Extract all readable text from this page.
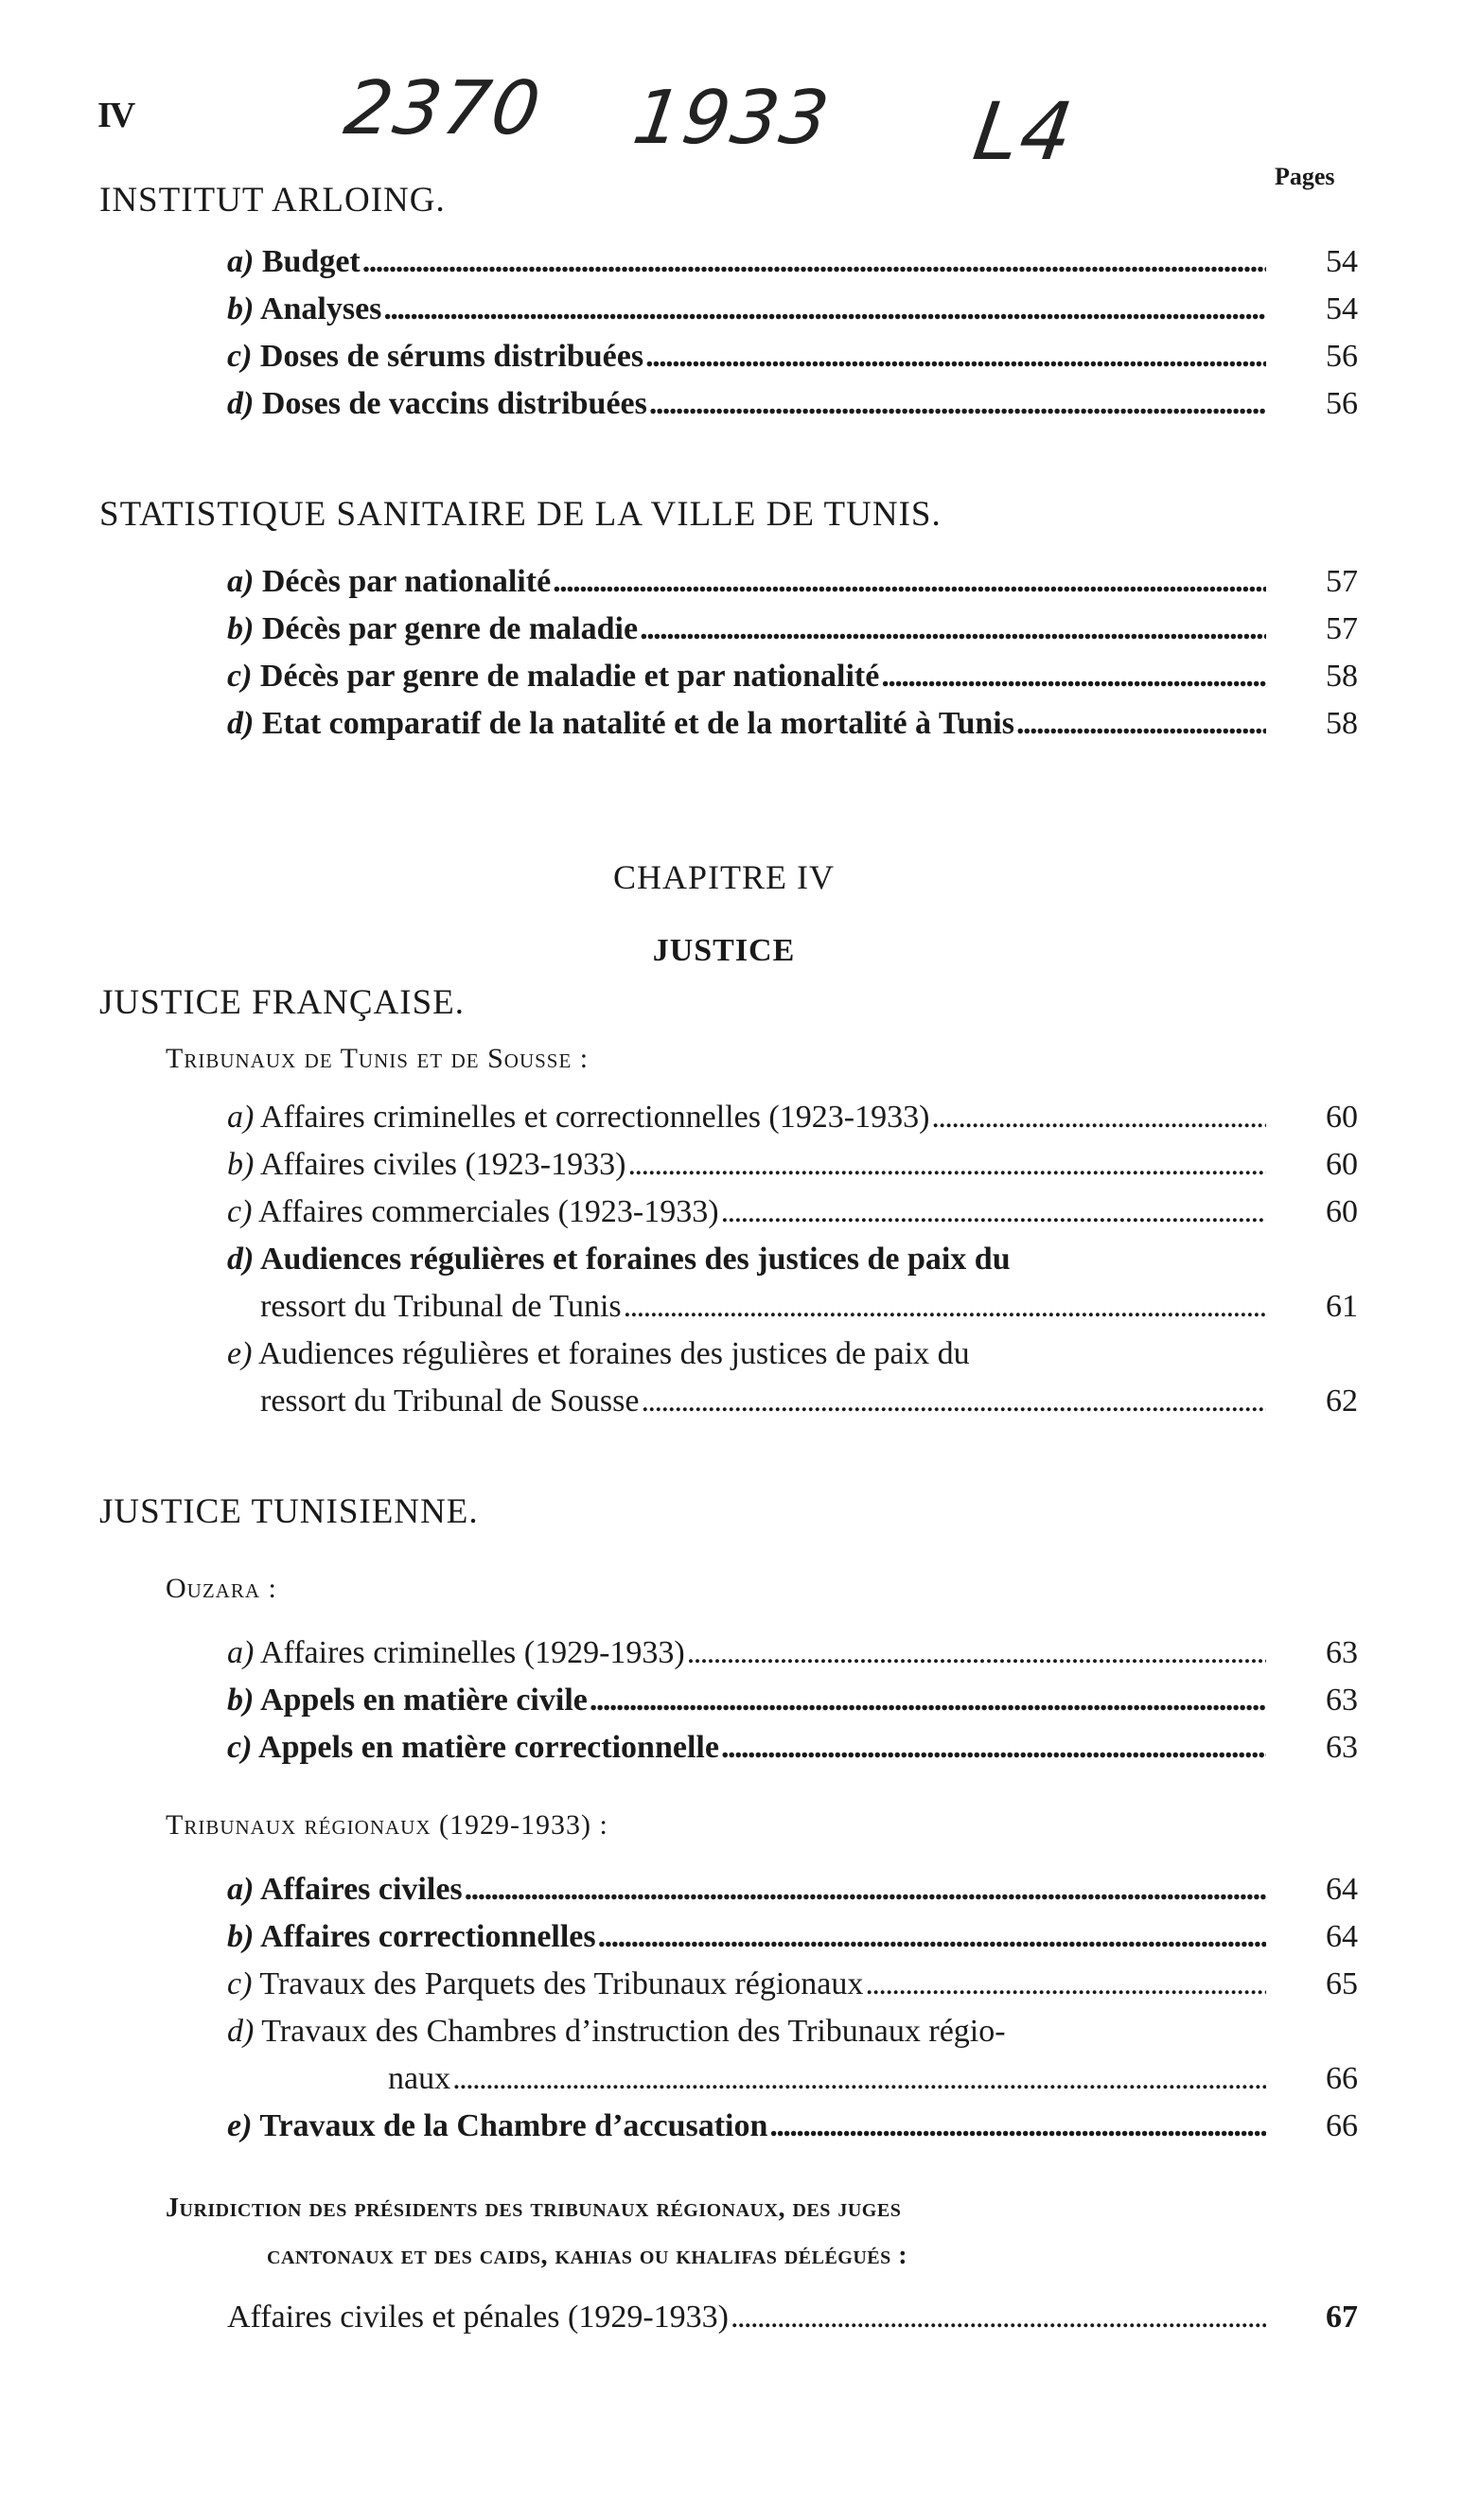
IV	2370 1933 L4	Pages
INSTITUT ARLOING.
a) Budget . . .	54
b) Analyses . . .	54
c) Doses de sérums distribuées . . .	56
d) Doses de vaccins distribuées . . .	56
STATISTIQUE SANITAIRE DE LA VILLE DE TUNIS.
a) Décès par nationalité . . .	57
b) Décès par genre de maladie . . .	57
c) Décès par genre de maladie et par nationalité . . .	58
d) Etat comparatif de la natalité et de la mortalité à Tunis . . .	58
CHAPITRE IV
JUSTICE
JUSTICE FRANÇAISE.
Tribunaux de Tunis et de Sousse :
a) Affaires criminelles et correctionnelles (1923-1933) . . .	60
b) Affaires civiles (1923-1933) . . .	60
c) Affaires commerciales (1923-1933) . . .	60
d) Audiences régulières et foraines des justices de paix du
ressort du Tribunal de Tunis . . .	61
e) Audiences régulières et foraines des justices de paix du
ressort du Tribunal de Sousse . . .	62
JUSTICE TUNISIENNE.
Ouzara :
a) Affaires criminelles (1929-1933) . . .	63
b) Appels en matière civile . . .	63
c) Appels en matière correctionnelle . . .	63
Tribunaux régionaux (1929-1933) :
a) Affaires civiles . . .	64
b) Affaires correctionnelles . . .	64
c) Travaux des Parquets des Tribunaux régionaux . . .	65
d) Travaux des Chambres d’instruction des Tribunaux régio-
naux . . .	66
e) Travaux de la Chambre d’accusation . . .	66
Juridiction des présidents des tribunaux régionaux, des juges
cantonaux et des caids, kahias ou khalifas délégués :
Affaires civiles et pénales (1929-1933) . . .	67
